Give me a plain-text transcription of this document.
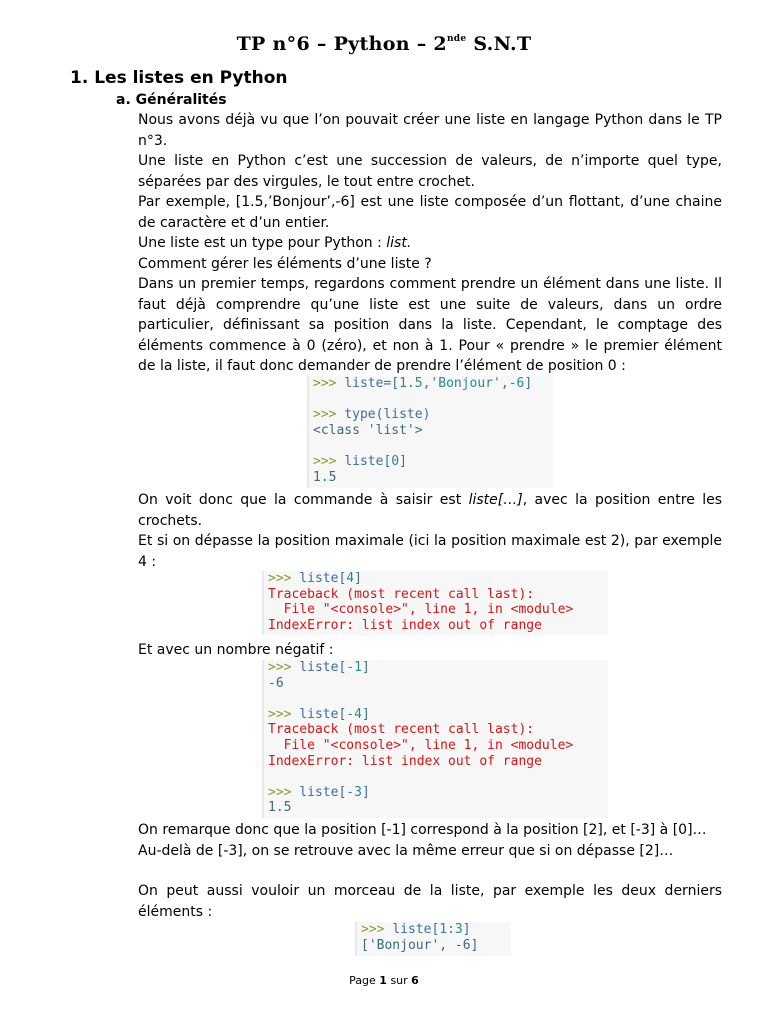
TP n°6 – Python – 2nde S.N.T
1. Les listes en Python
a. Généralités
Nous avons déjà vu que l’on pouvait créer une liste en langage Python dans le TP n°3.
Une liste en Python c’est une succession de valeurs, de n’importe quel type, séparées par des virgules, le tout entre crochet.
Par exemple, [1.5,’Bonjour’,-6] est une liste composée d’un flottant, d’une chaine de caractère et d’un entier.
Une liste est un type pour Python : list.
Comment gérer les éléments d’une liste ?
Dans un premier temps, regardons comment prendre un élément dans une liste. Il faut déjà comprendre qu’une liste est une suite de valeurs, dans un ordre particulier, définissant sa position dans la liste. Cependant, le comptage des éléments commence à 0 (zéro), et non à 1. Pour « prendre » le premier élément de la liste, il faut donc demander de prendre l’élément de position 0 :
>>> liste=[1.5,'Bonjour',-6]

>>> type(liste)
<class 'list'>

>>> liste[0]
1.5
On voit donc que la commande à saisir est liste[…], avec la position entre les crochets.
Et si on dépasse la position maximale (ici la position maximale est 2), par exemple 4 :
>>> liste[4]
Traceback (most recent call last):
File "<console>", line 1, in <module>
IndexError: list index out of range
Et avec un nombre négatif :
>>> liste[-1]
-6

>>> liste[-4]
Traceback (most recent call last):
File "<console>", line 1, in <module>
IndexError: list index out of range

>>> liste[-3]
1.5
On remarque donc que la position [-1] correspond à la position [2], et [-3] à [0]…
Au-delà de [-3], on se retrouve avec la même erreur que si on dépasse [2]…
On peut aussi vouloir un morceau de la liste, par exemple les deux derniers éléments :
>>> liste[1:3]
['Bonjour', -6]
Page 1 sur 6
